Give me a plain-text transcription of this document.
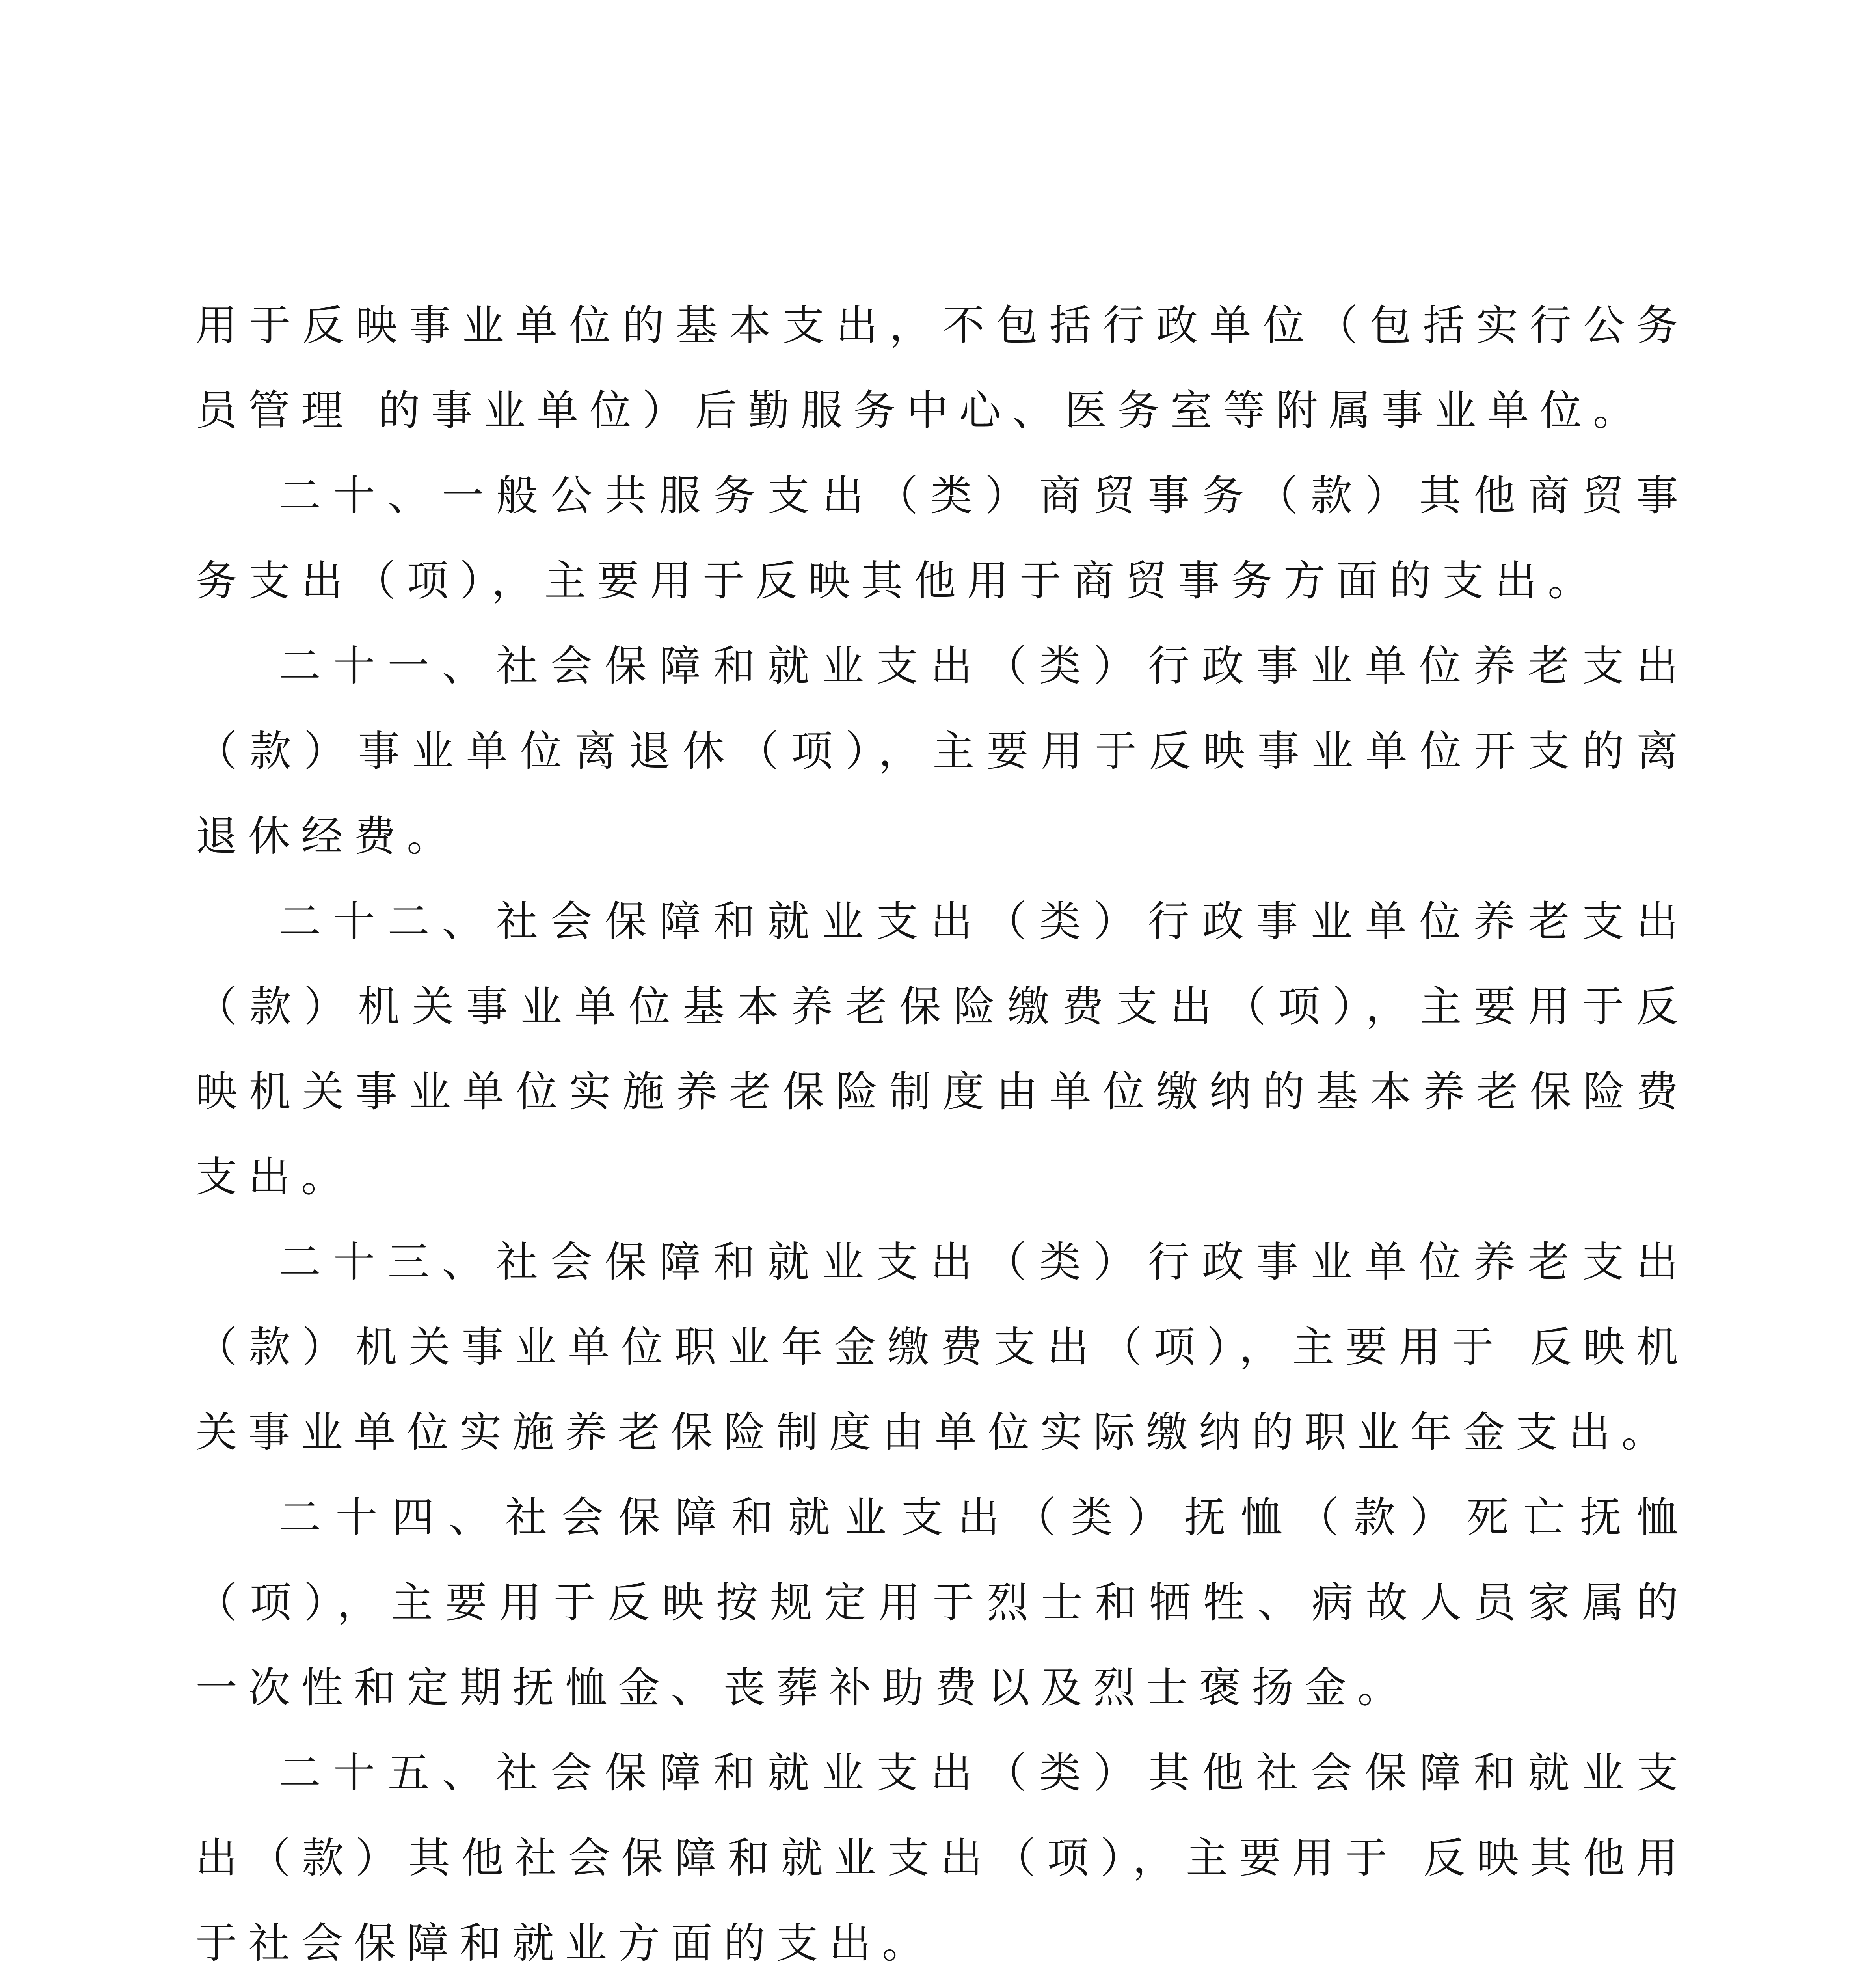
用于反映事业单位的基本支出，不包括行政单位（包括实行公务员管理 的事业单位）后勤服务中心、医务室等附属事业单位。

二十、一般公共服务支出（类）商贸事务（款）其他商贸事务支出（项），主要用于反映其他用于商贸事务方面的支出。

二十一、社会保障和就业支出（类）行政事业单位养老支出（款）事业单位离退休（项），主要用于反映事业单位开支的离退休经费。

二十二、社会保障和就业支出（类）行政事业单位养老支出（款）机关事业单位基本养老保险缴费支出（项），主要用于反映机关事业单位实施养老保险制度由单位缴纳的基本养老保险费支出。

二十三、社会保障和就业支出（类）行政事业单位养老支出（款）机关事业单位职业年金缴费支出（项），主要用于 反映机关事业单位实施养老保险制度由单位实际缴纳的职业年金支出。

二十四、社会保障和就业支出（类）抚恤（款）死亡抚恤（项），主要用于反映按规定用于烈士和牺牲、病故人员家属的一次性和定期抚恤金、丧葬补助费以及烈士褒扬金。

二十五、社会保障和就业支出（类）其他社会保障和就业支出（款）其他社会保障和就业支出（项），主要用于 反映其他用于社会保障和就业方面的支出。
